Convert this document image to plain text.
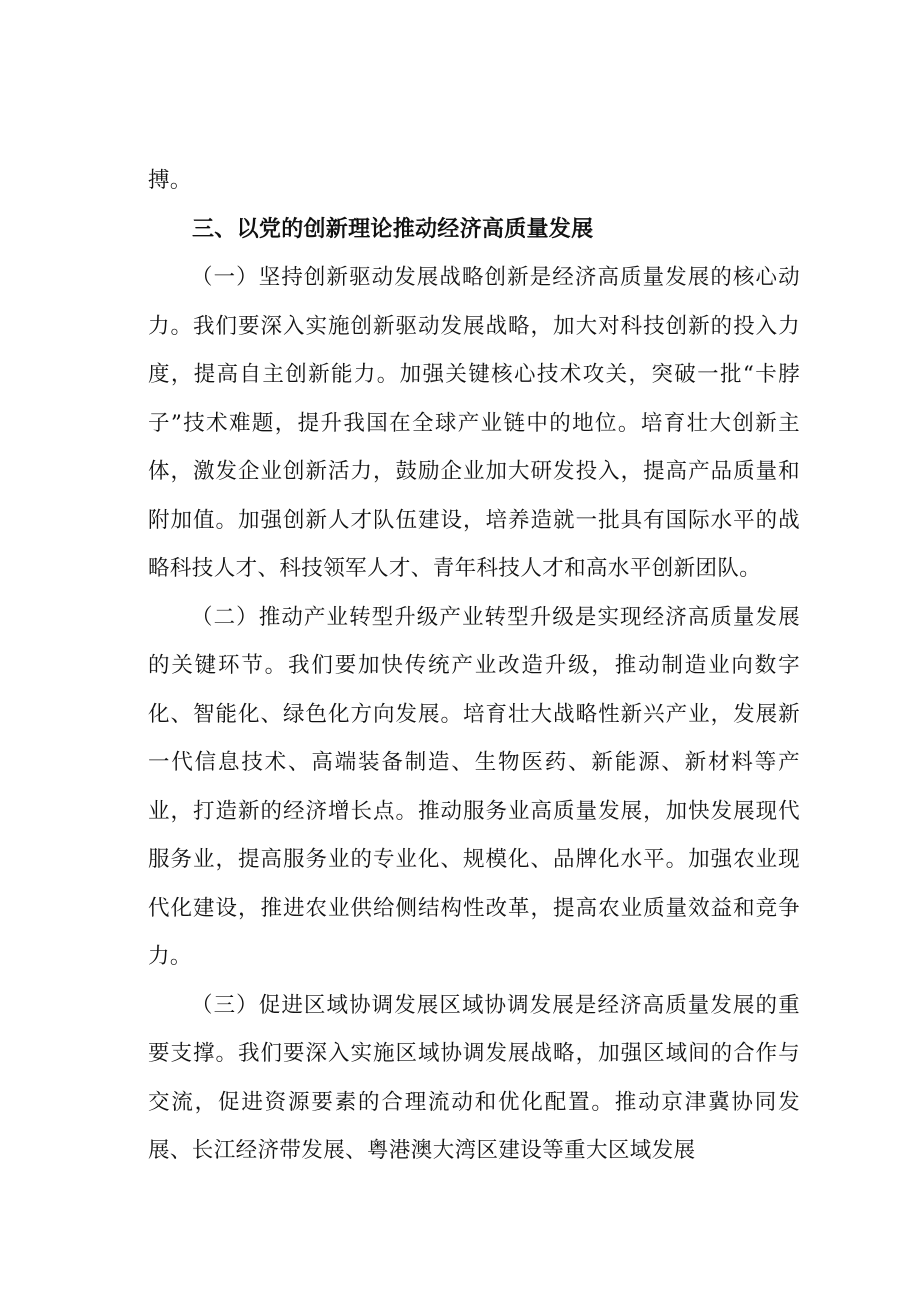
搏。

三、以党的创新理论推动经济高质量发展

（一）坚持创新驱动发展战略创新是经济高质量发展的核心动力。我们要深入实施创新驱动发展战略，加大对科技创新的投入力度，提高自主创新能力。加强关键核心技术攻关，突破一批“卡脖子”技术难题，提升我国在全球产业链中的地位。培育壮大创新主体，激发企业创新活力，鼓励企业加大研发投入，提高产品质量和附加值。加强创新人才队伍建设，培养造就一批具有国际水平的战略科技人才、科技领军人才、青年科技人才和高水平创新团队。

（二）推动产业转型升级产业转型升级是实现经济高质量发展的关键环节。我们要加快传统产业改造升级，推动制造业向数字化、智能化、绿色化方向发展。培育壮大战略性新兴产业，发展新一代信息技术、高端装备制造、生物医药、新能源、新材料等产业，打造新的经济增长点。推动服务业高质量发展，加快发展现代服务业，提高服务业的专业化、规模化、品牌化水平。加强农业现代化建设，推进农业供给侧结构性改革，提高农业质量效益和竞争力。

（三）促进区域协调发展区域协调发展是经济高质量发展的重要支撑。我们要深入实施区域协调发展战略，加强区域间的合作与交流，促进资源要素的合理流动和优化配置。推动京津冀协同发展、长江经济带发展、粤港澳大湾区建设等重大区域发展
